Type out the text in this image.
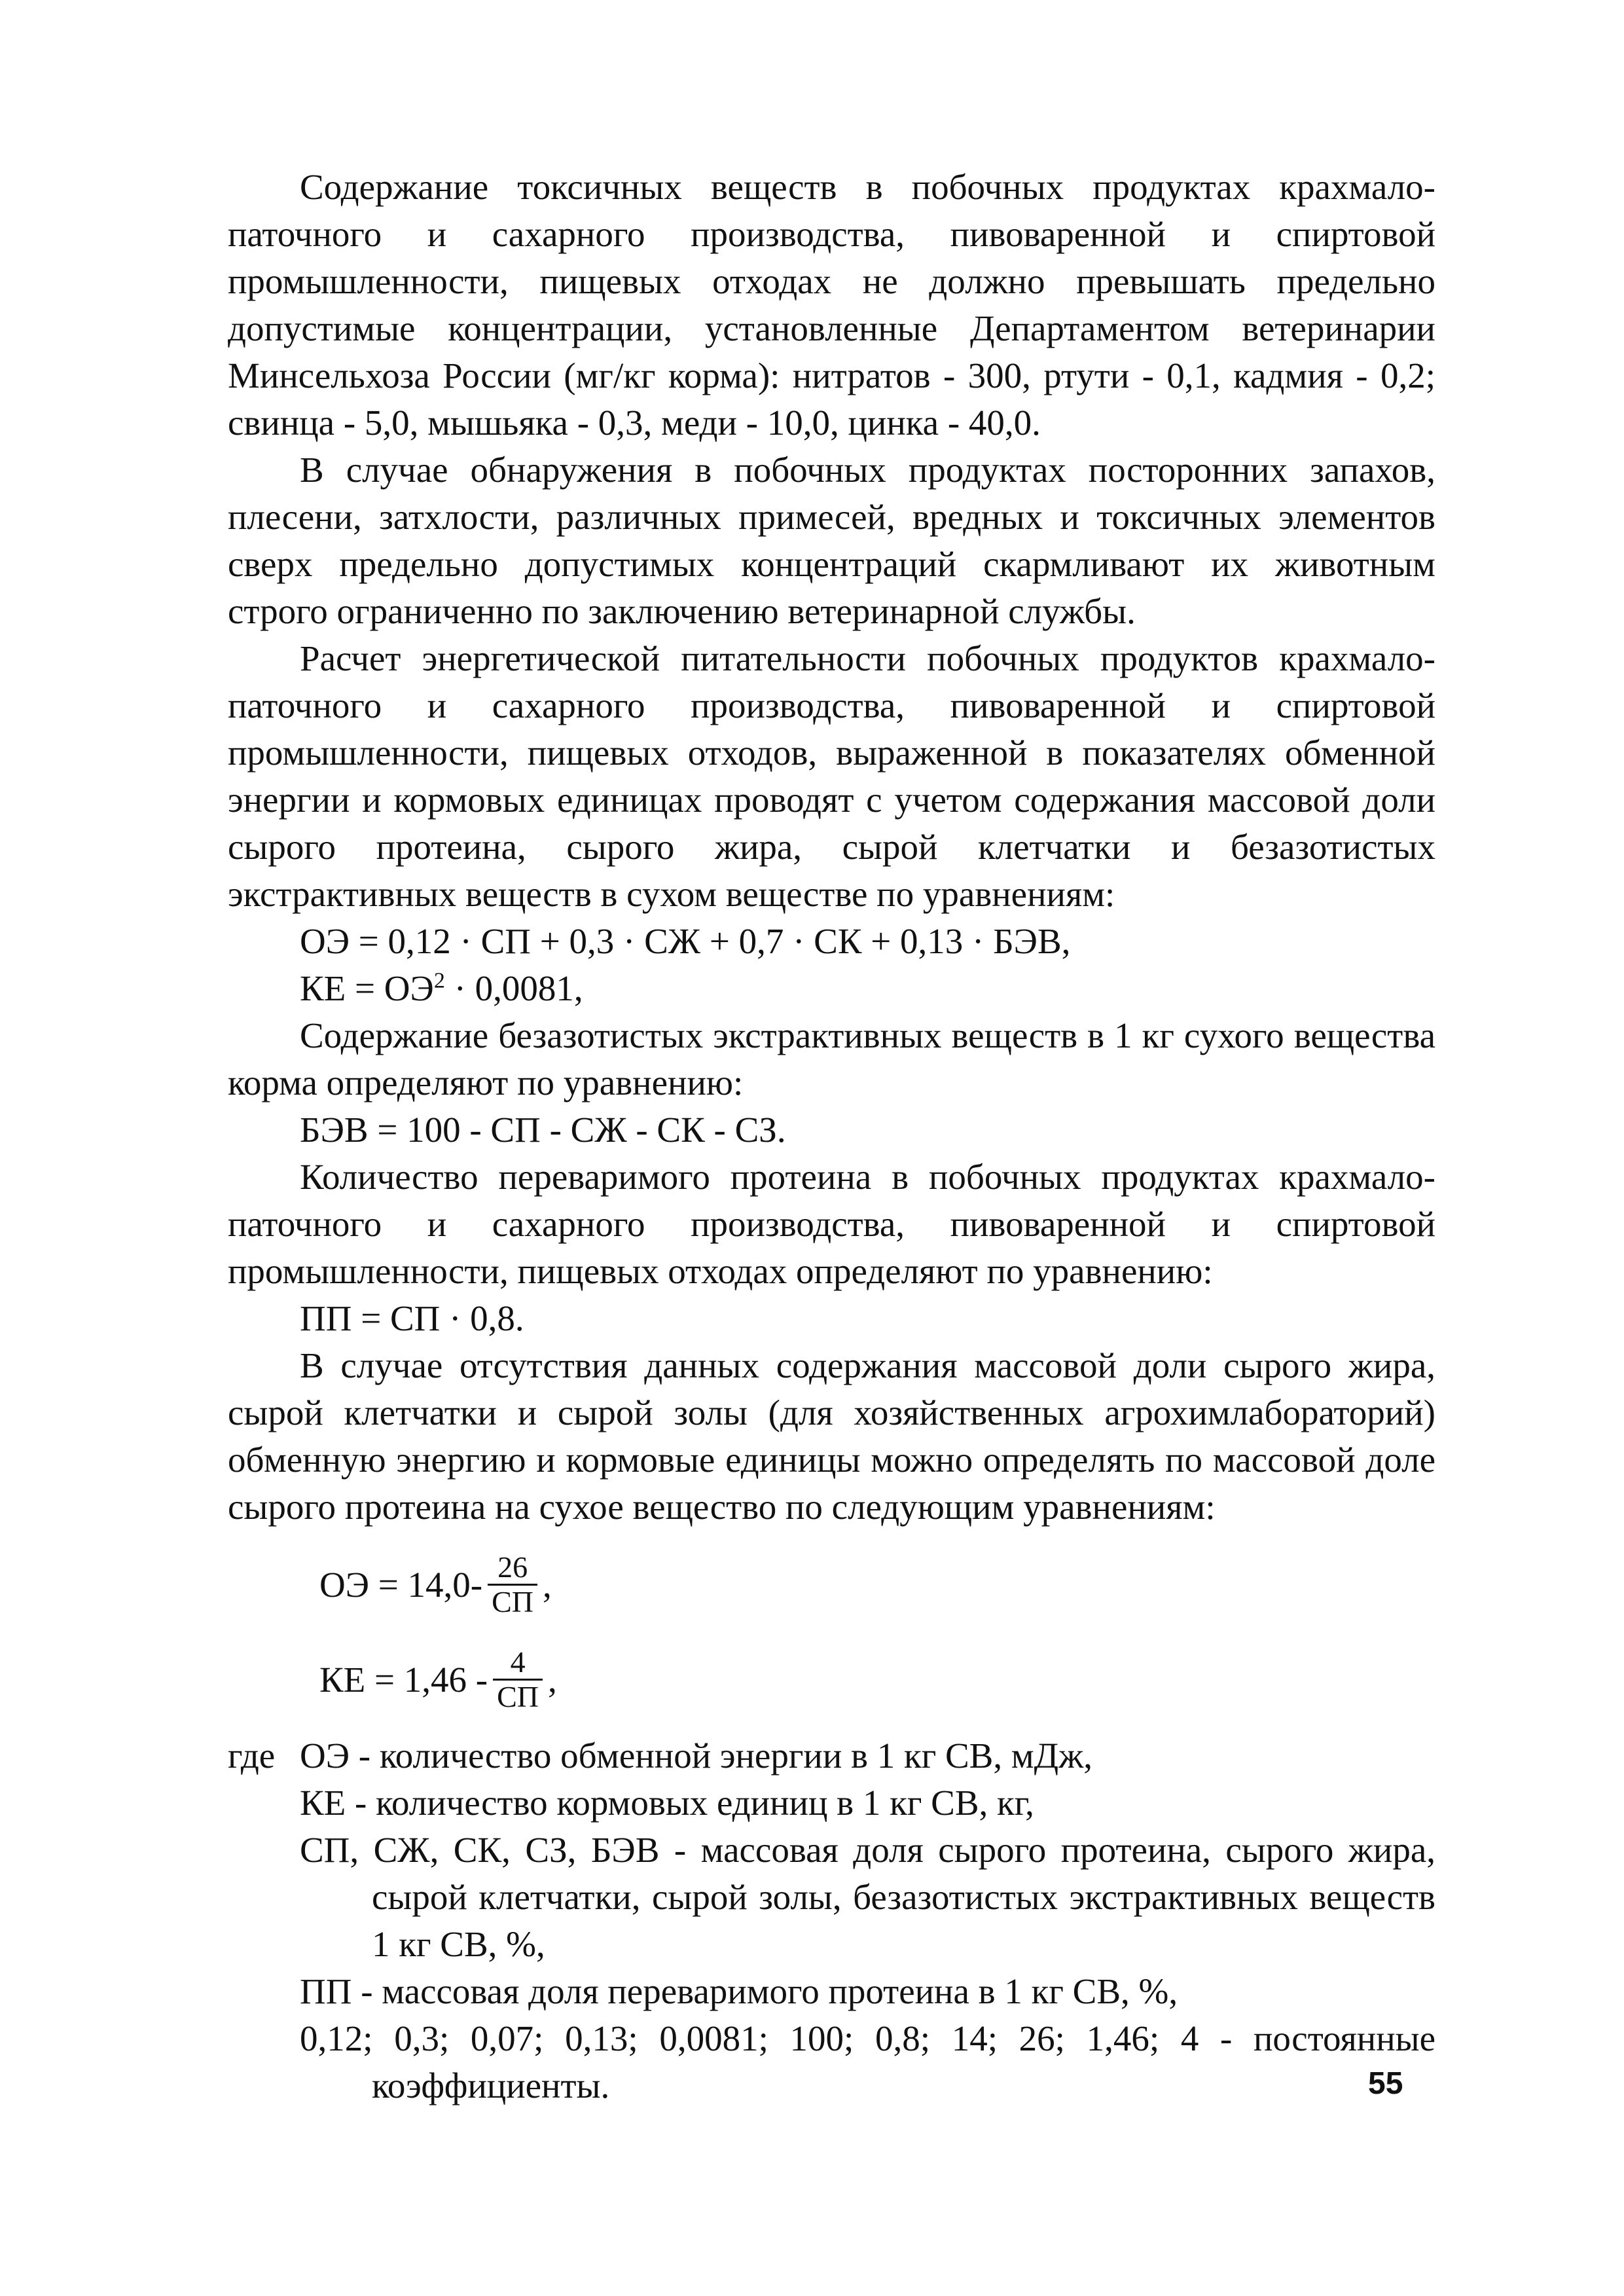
Содержание токсичных веществ в побочных продуктах крахмало-паточного и сахарного производства, пивоваренной и спиртовой промышленности, пищевых отходах не должно превышать предельно допустимые концентрации, установленные Департаментом ветеринарии Минсельхоза России (мг/кг корма): нитратов - 300, ртути - 0,1, кадмия - 0,2; свинца - 5,0, мышьяка - 0,3, меди - 10,0, цинка - 40,0.

В случае обнаружения в побочных продуктах посторонних запахов, плесени, затхлости, различных примесей, вредных и токсичных элементов сверх предельно допустимых концентраций скармливают их животным строго ограниченно по заключению ветеринарной службы.

Расчет энергетической питательности побочных продуктов крахмало-паточного и сахарного производства, пивоваренной и спиртовой промышленности, пищевых отходов, выраженной в показателях обменной энергии и кормовых единицах проводят с учетом содержания массовой доли сырого протеина, сырого жира, сырой клетчатки и безазотистых экстрактивных веществ в сухом веществе по уравнениям:

ОЭ = 0,12 · СП + 0,3 · СЖ + 0,7 · СК + 0,13 · БЭВ,
КЕ = $ОЭ^2 \cdot 0,0081$,

Содержание безазотистых экстрактивных веществ в 1 кг сухого вещества корма определяют по уравнению:

БЭВ = 100 - СП - СЖ - СК - СЗ.

Количество переваримого протеина в побочных продуктах крахмало-паточного и сахарного производства, пивоваренной и спиртовой промышленности, пищевых отходах определяют по уравнению:

ПП = СП · 0,8.

В случае отсутствия данных содержания массовой доли сырого жира, сырой клетчатки и сырой золы (для хозяйственных агрохимлабораторий) обменную энергию и кормовые единицы можно определять по массовой доле сырого протеина на сухое вещество по следующим уравнениям:

ОЭ = $14,0- \frac{26}{СП}$ ,
КЕ = $1,46 - \frac{4}{СП}$ ,
где ОЭ - количество обменной энергии в 1 кг СВ, мДж,

КЕ - количество кормовых единиц в 1 кг СВ, кг,

СП, СЖ, СК, СЗ, БЭВ - массовая доля сырого протеина, сырого жира, сырой клетчатки, сырой золы, безазотистых экстрактивных веществ 1 кг СВ, %,

ПП - массовая доля переваримого протеина в 1 кг СВ, %,

0,12; 0,3; 0,07; 0,13; 0,0081; 100; 0,8; 14; 26; 1,46; 4 - постоянные коэффициенты.	55
